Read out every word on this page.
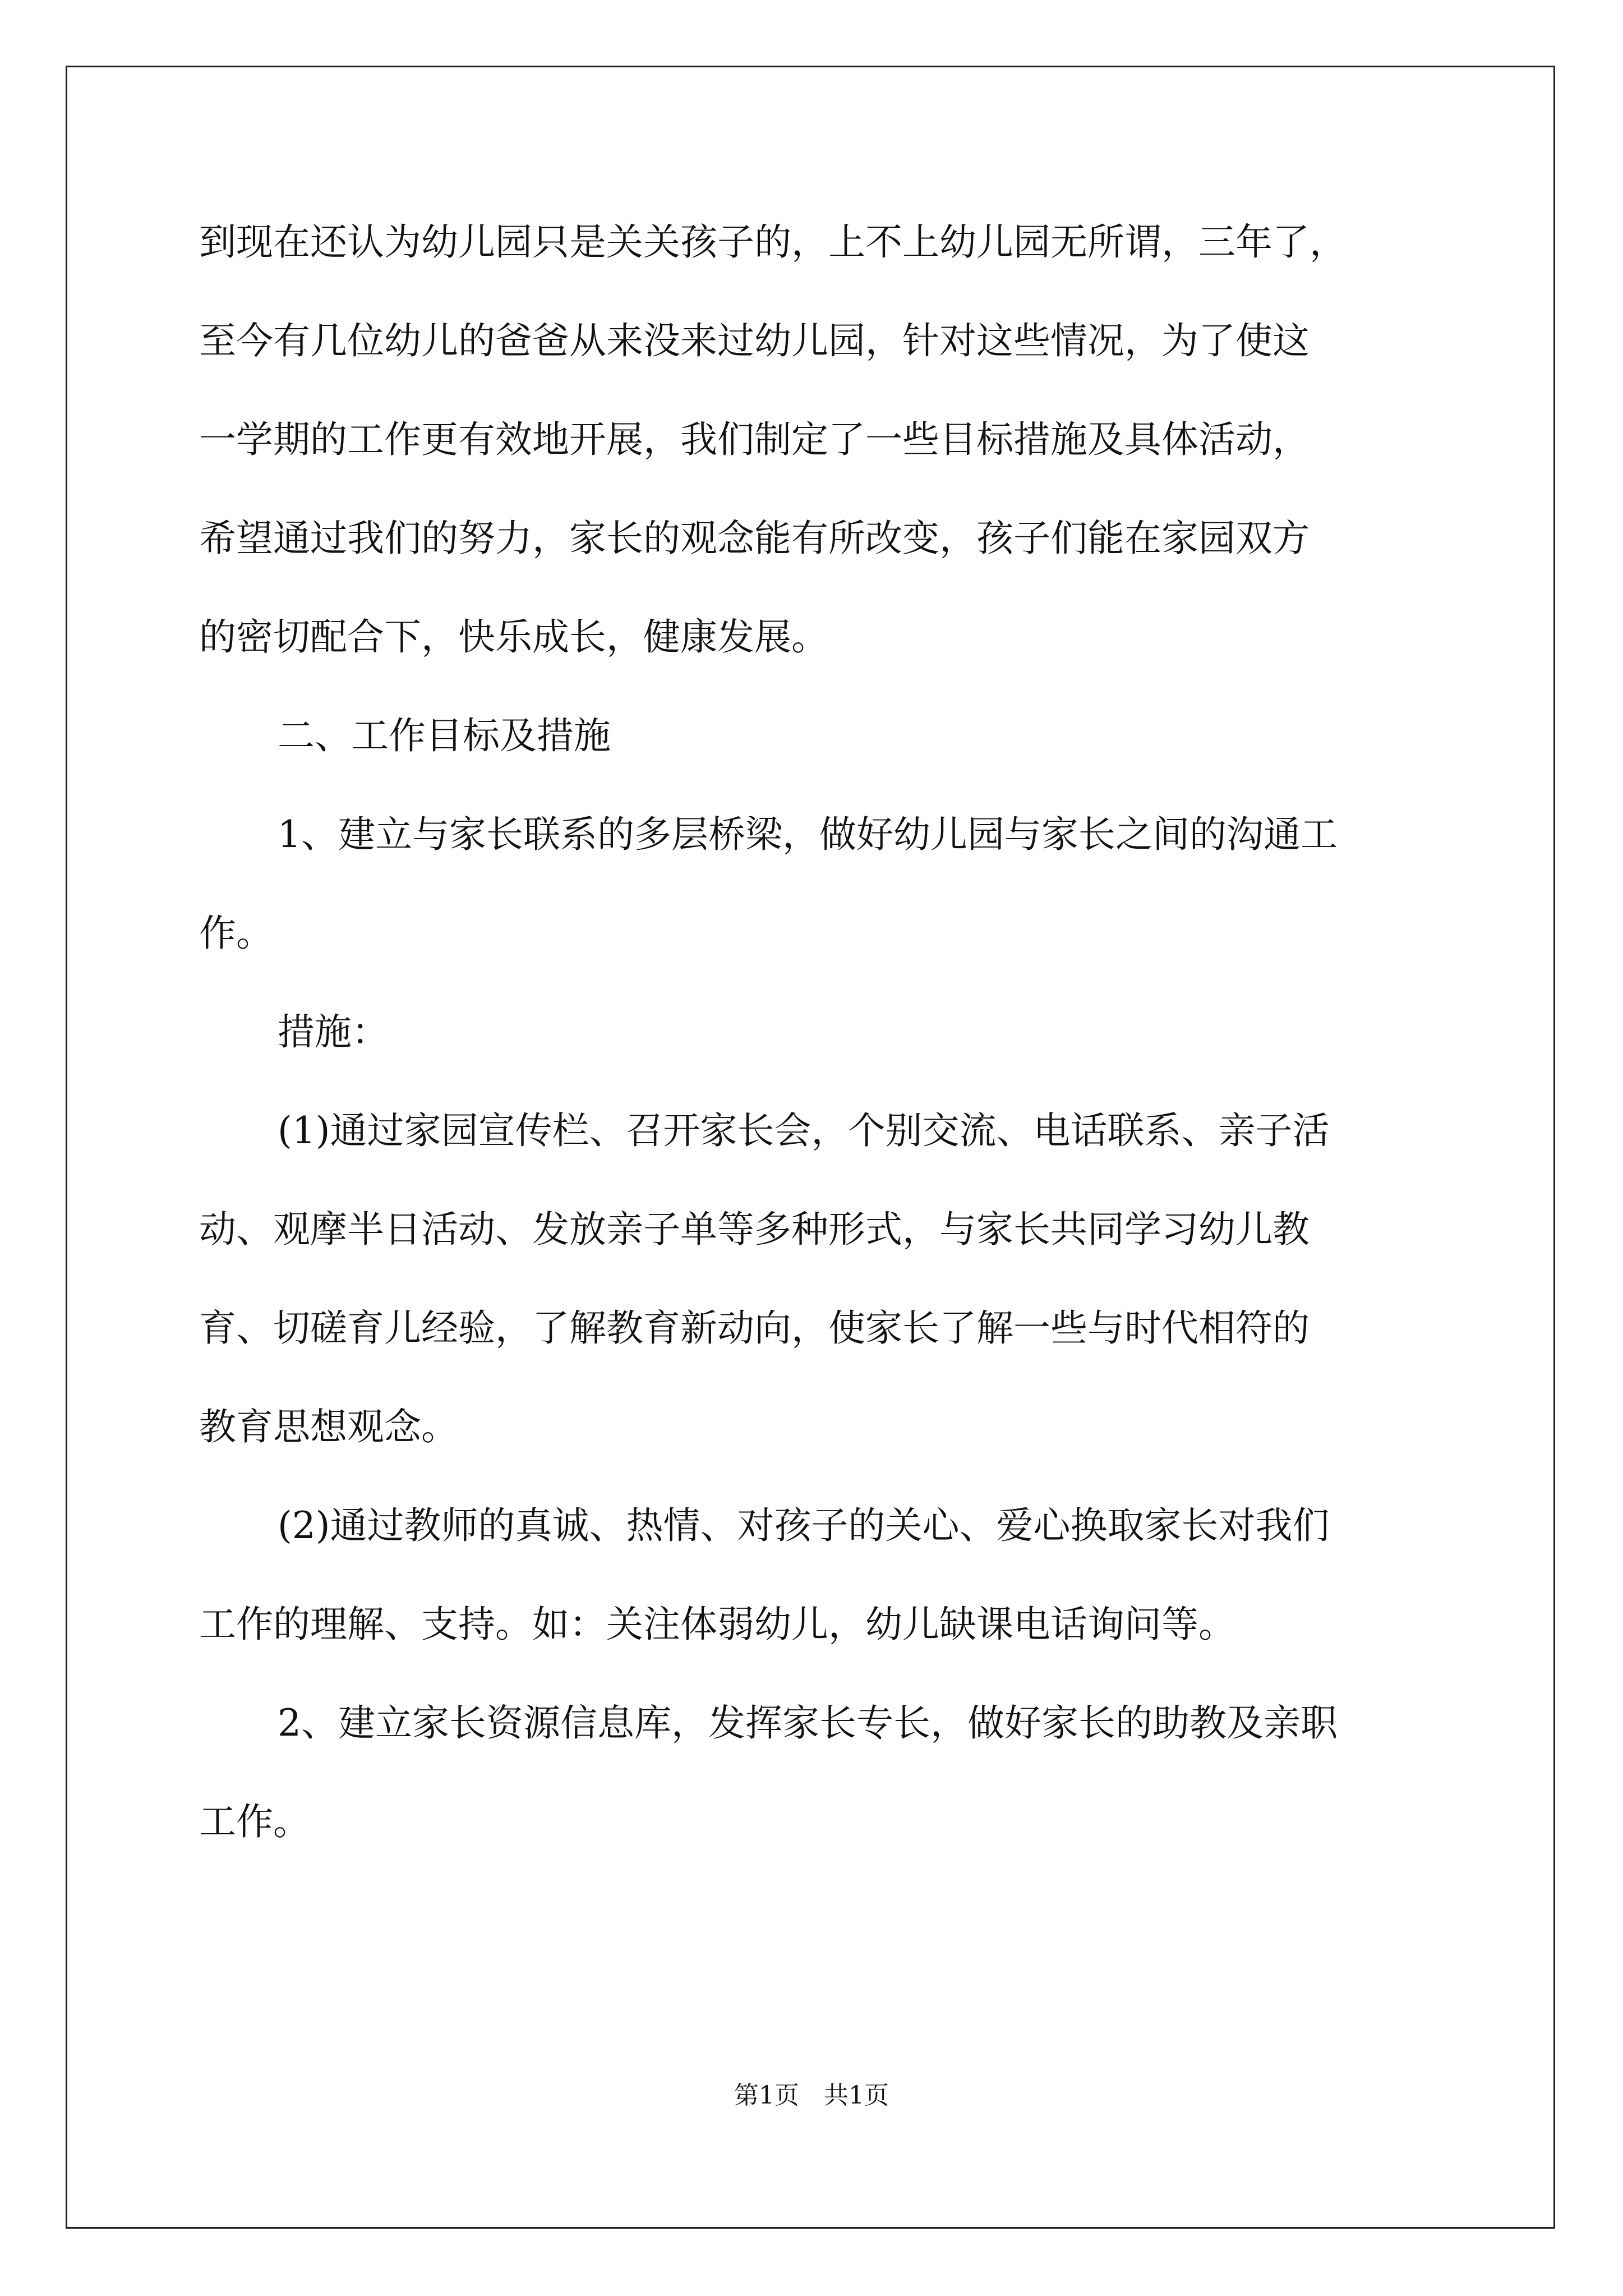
到现在还认为幼儿园只是关关孩子的，上不上幼儿园无所谓，三年了，
至今有几位幼儿的爸爸从来没来过幼儿园，针对这些情况，为了使这
一学期的工作更有效地开展，我们制定了一些目标措施及具体活动，
希望通过我们的努力，家长的观念能有所改变，孩子们能在家园双方
的密切配合下，快乐成长，健康发展。
二、工作目标及措施
1、建立与家长联系的多层桥梁，做好幼儿园与家长之间的沟通工
作。
措施：
(1)通过家园宣传栏、召开家长会，个别交流、电话联系、亲子活
动、观摩半日活动、发放亲子单等多种形式，与家长共同学习幼儿教
育、切磋育儿经验，了解教育新动向，使家长了解一些与时代相符的
教育思想观念。
(2)通过教师的真诚、热情、对孩子的关心、爱心换取家长对我们
工作的理解、支持。如：关注体弱幼儿，幼儿缺课电话询问等。
2、建立家长资源信息库，发挥家长专长，做好家长的助教及亲职
工作。
第1页 共1页
